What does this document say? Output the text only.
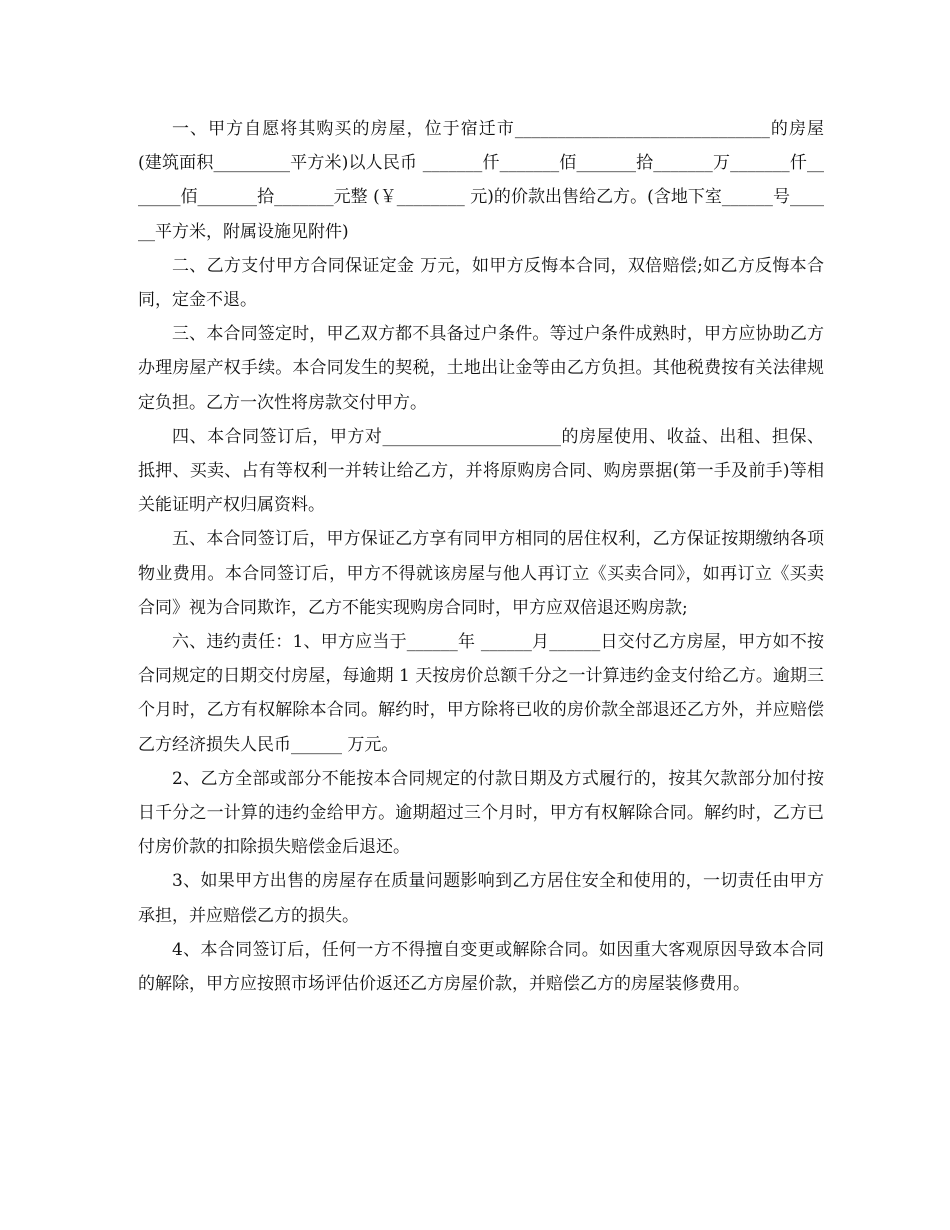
一、甲方自愿将其购买的房屋，位于宿迁市______________________________的房屋(建筑面积_________平方米)以人民币 _______仟_______佰_______拾_______万_______仟_______佰_______拾_______元整 (￥________ 元)的价款出售给乙方。(含地下室______号______平方米，附属设施见附件)

二、乙方支付甲方合同保证定金 万元，如甲方反悔本合同，双倍赔偿;如乙方反悔本合同，定金不退。

三、本合同签定时，甲乙双方都不具备过户条件。等过户条件成熟时，甲方应协助乙方办理房屋产权手续。本合同发生的契税，土地出让金等由乙方负担。其他税费按有关法律规定负担。乙方一次性将房款交付甲方。

四、本合同签订后，甲方对_____________________的房屋使用、收益、出租、担保、抵押、买卖、占有等权利一并转让给乙方，并将原购房合同、购房票据(第一手及前手)等相关能证明产权归属资料。

五、本合同签订后，甲方保证乙方享有同甲方相同的居住权利，乙方保证按期缴纳各项物业费用。本合同签订后，甲方不得就该房屋与他人再订立《买卖合同》，如再订立《买卖合同》视为合同欺诈，乙方不能实现购房合同时，甲方应双倍退还购房款;

六、违约责任：1、甲方应当于______年 ______月______日交付乙方房屋，甲方如不按合同规定的日期交付房屋，每逾期 1 天按房价总额千分之一计算违约金支付给乙方。逾期三个月时，乙方有权解除本合同。解约时，甲方除将已收的房价款全部退还乙方外，并应赔偿乙方经济损失人民币______ 万元。

2、乙方全部或部分不能按本合同规定的付款日期及方式履行的，按其欠款部分加付按日千分之一计算的违约金给甲方。逾期超过三个月时，甲方有权解除合同。解约时，乙方已付房价款的扣除损失赔偿金后退还。

3、如果甲方出售的房屋存在质量问题影响到乙方居住安全和使用的，一切责任由甲方承担，并应赔偿乙方的损失。

4、本合同签订后，任何一方不得擅自变更或解除合同。如因重大客观原因导致本合同的解除，甲方应按照市场评估价返还乙方房屋价款，并赔偿乙方的房屋装修费用。
